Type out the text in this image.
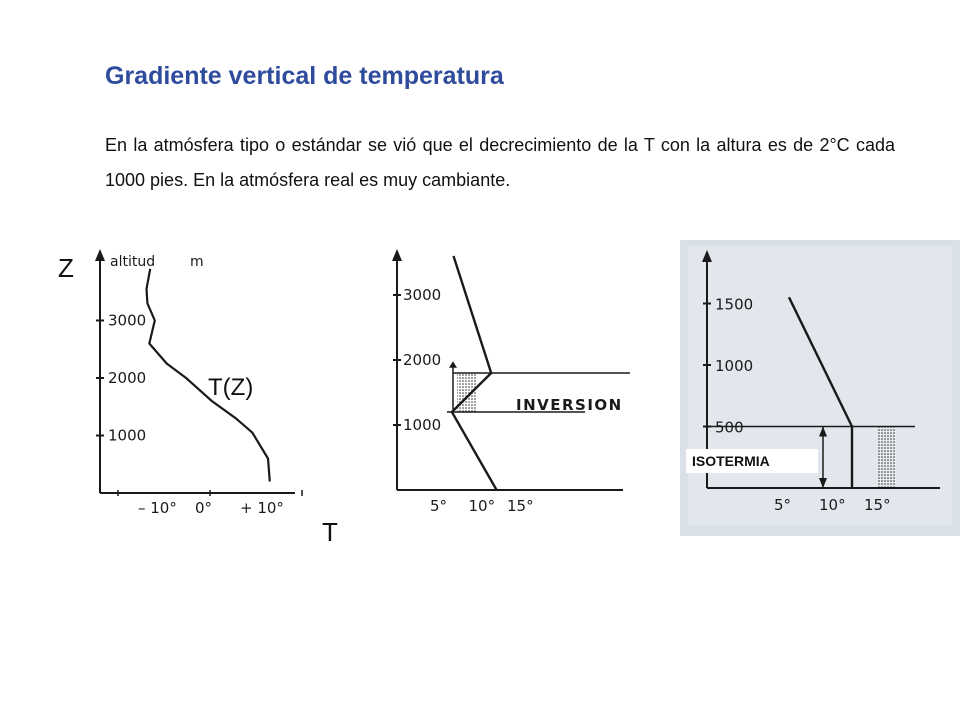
Gradiente vertical de temperatura
En la atmósfera tipo o estándar se vió que el decrecimiento de la T con la altura es de 2°C cada 1000 pies. En la atmósfera real es muy cambiante.
Z
T
altitud m
T(Z)
3000
2000
1000
– 10° 0° + 10°
INVERSION
3000
2000
1000
5° 10° 15°
1500
1000
500
5° 10° 15°
ISOTERMIA
